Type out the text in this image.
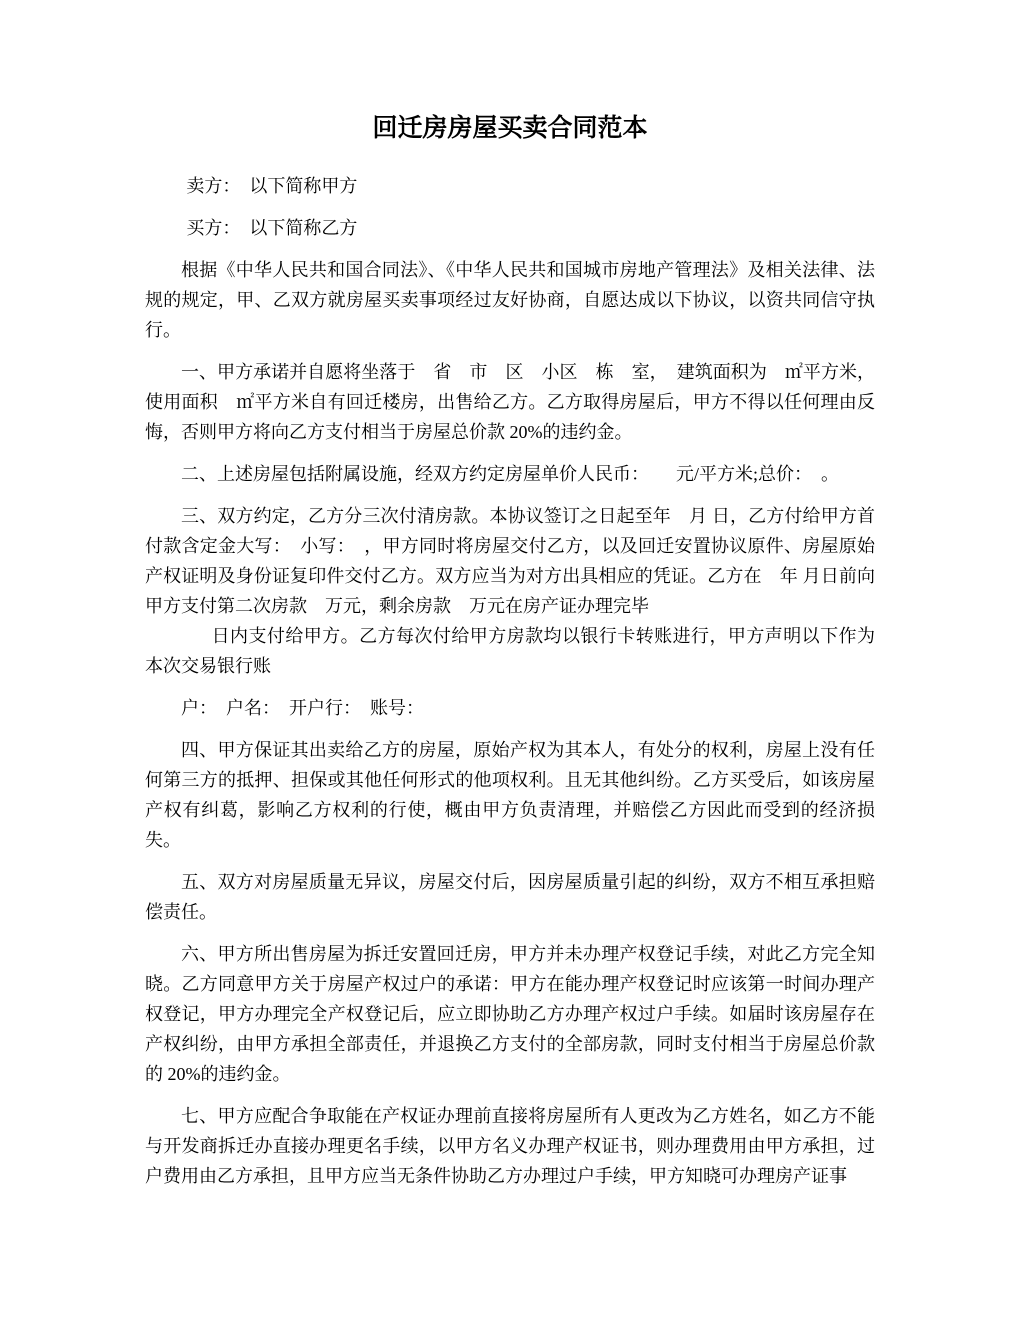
回迁房房屋买卖合同范本

卖方：　以下简称甲方

买方：　以下简称乙方

根据《中华人民共和国合同法》、《中华人民共和国城市房地产管理法》及相关法律、法规的规定，甲、乙双方就房屋买卖事项经过友好协商，自愿达成以下协议，以资共同信守执行。

一、甲方承诺并自愿将坐落于　省　市　区　小区　栋　室，　建筑面积为　㎡平方米，使用面积　㎡平方米自有回迁楼房，出售给乙方。乙方取得房屋后，甲方不得以任何理由反悔，否则甲方将向乙方支付相当于房屋总价款 20%的违约金。

二、上述房屋包括附属设施，经双方约定房屋单价人民币：　　元/平方米;总价：　。

三、双方约定，乙方分三次付清房款。本协议签订之日起至年　月 日，乙方付给甲方首付款含定金大写：　小写：　，甲方同时将房屋交付乙方，以及回迁安置协议原件、房屋原始产权证明及身份证复印件交付乙方。双方应当为对方出具相应的凭证。乙方在　年 月日前向甲方支付第二次房款　万元，剩余房款　万元在房产证办理完毕

日内支付给甲方。乙方每次付给甲方房款均以银行卡转账进行，甲方声明以下作为本次交易银行账

户：　户名：　开户行：　账号：

四、甲方保证其出卖给乙方的房屋，原始产权为其本人，有处分的权利，房屋上没有任何第三方的抵押、担保或其他任何形式的他项权利。且无其他纠纷。乙方买受后，如该房屋产权有纠葛，影响乙方权利的行使，概由甲方负责清理，并赔偿乙方因此而受到的经济损失。

五、双方对房屋质量无异议，房屋交付后，因房屋质量引起的纠纷，双方不相互承担赔偿责任。

六、甲方所出售房屋为拆迁安置回迁房，甲方并未办理产权登记手续，对此乙方完全知晓。乙方同意甲方关于房屋产权过户的承诺：甲方在能办理产权登记时应该第一时间办理产权登记，甲方办理完全产权登记后，应立即协助乙方办理产权过户手续。如届时该房屋存在产权纠纷，由甲方承担全部责任，并退换乙方支付的全部房款，同时支付相当于房屋总价款的 20%的违约金。

七、甲方应配合争取能在产权证办理前直接将房屋所有人更改为乙方姓名，如乙方不能与开发商拆迁办直接办理更名手续，以甲方名义办理产权证书，则办理费用由甲方承担，过户费用由乙方承担，且甲方应当无条件协助乙方办理过户手续，甲方知晓可办理房产证事
